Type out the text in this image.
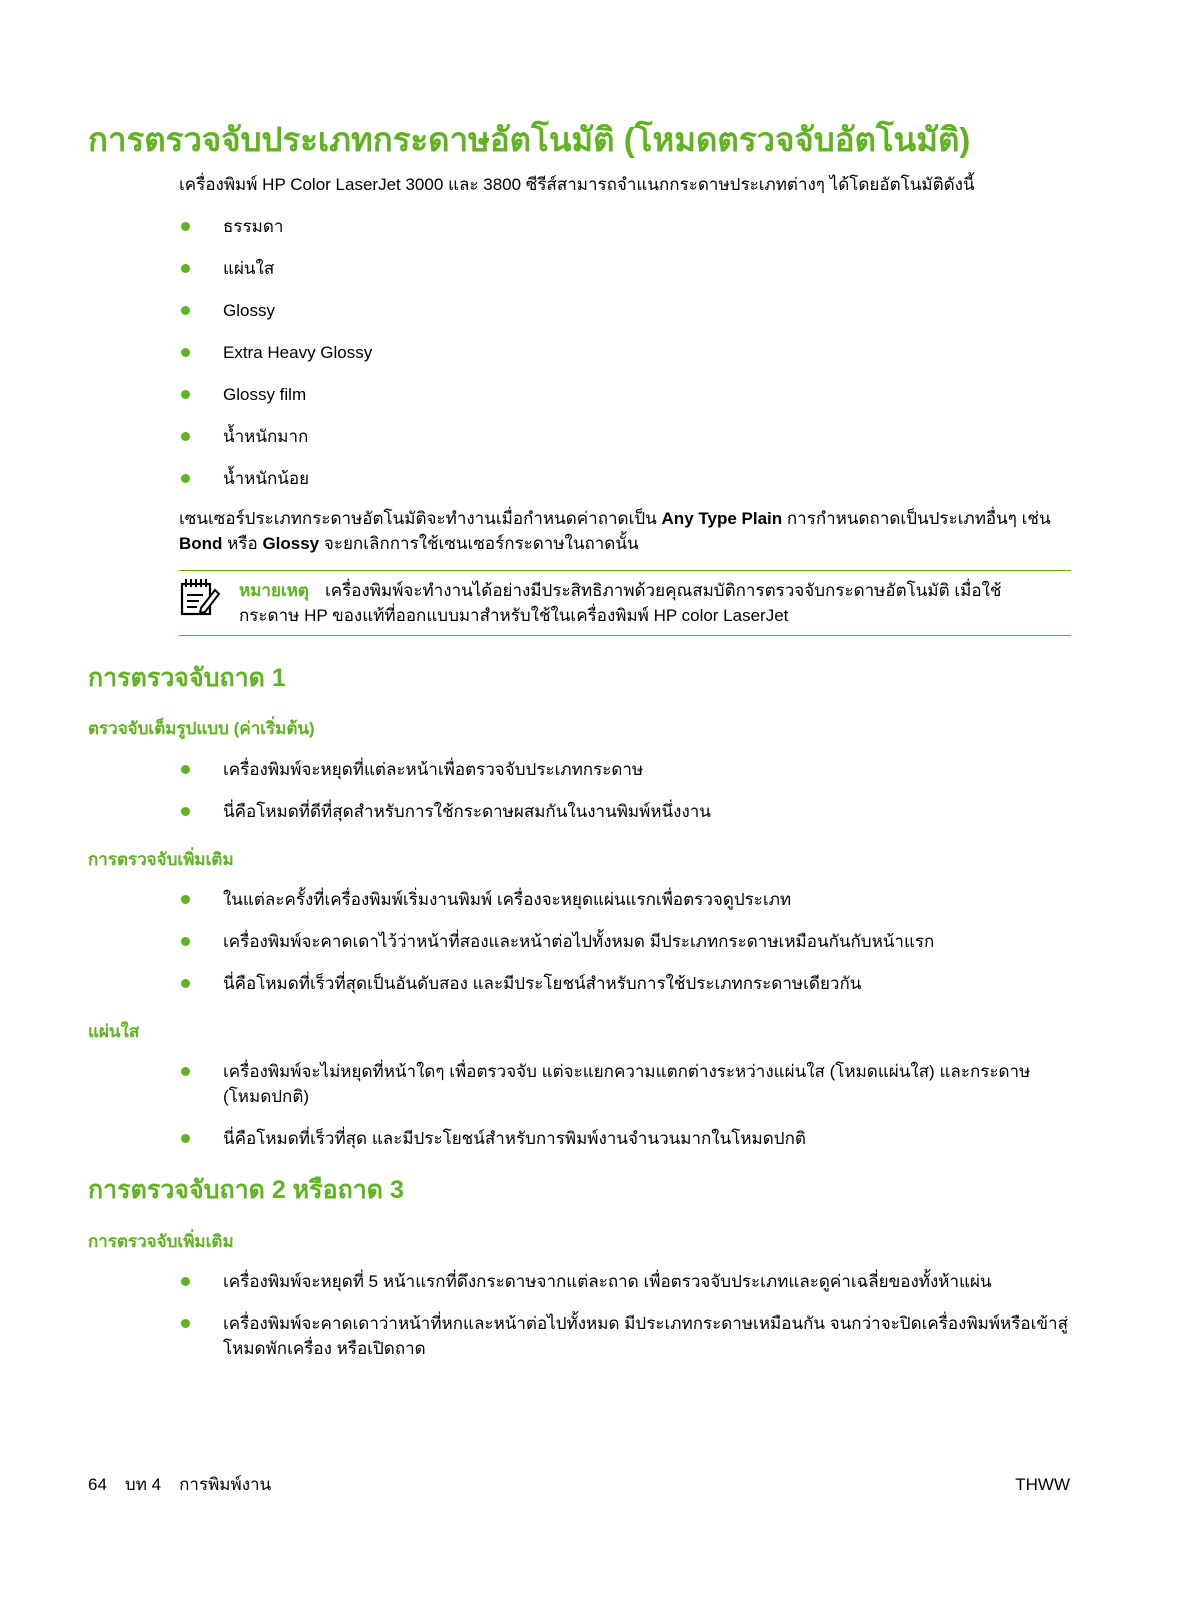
การตรวจจับประเภทกระดาษอัตโนมัติ (โหมดตรวจจับอัตโนมัติ)
เครื่องพิมพ์ HP Color LaserJet 3000 และ 3800 ซีรีส์สามารถจำแนกกระดาษประเภทต่างๆ ได้โดยอัตโนมัติดังนี้
ธรรมดา
แผ่นใส
Glossy
Extra Heavy Glossy
Glossy film
น้ำหนักมาก
น้ำหนักน้อย
เซนเซอร์ประเภทกระดาษอัตโนมัติจะทำงานเมื่อกำหนดค่าถาดเป็น Any Type Plain การกำหนดถาดเป็นประเภทอื่นๆ เช่น Bond หรือ Glossy จะยกเลิกการใช้เซนเซอร์กระดาษในถาดนั้น
หมายเหตุ เครื่องพิมพ์จะทำงานได้อย่างมีประสิทธิภาพด้วยคุณสมบัติการตรวจจับกระดาษอัตโนมัติ เมื่อใช้กระดาษ HP ของแท้ที่ออกแบบมาสำหรับใช้ในเครื่องพิมพ์ HP color LaserJet
การตรวจจับถาด 1
ตรวจจับเต็มรูปแบบ (ค่าเริ่มต้น)
เครื่องพิมพ์จะหยุดที่แต่ละหน้าเพื่อตรวจจับประเภทกระดาษ
นี่คือโหมดที่ดีที่สุดสำหรับการใช้กระดาษผสมกันในงานพิมพ์หนึ่งงาน
การตรวจจับเพิ่มเติม
ในแต่ละครั้งที่เครื่องพิมพ์เริ่มงานพิมพ์ เครื่องจะหยุดแผ่นแรกเพื่อตรวจดูประเภท
เครื่องพิมพ์จะคาดเดาไว้ว่าหน้าที่สองและหน้าต่อไปทั้งหมด มีประเภทกระดาษเหมือนกันกับหน้าแรก
นี่คือโหมดที่เร็วที่สุดเป็นอันดับสอง และมีประโยชน์สำหรับการใช้ประเภทกระดาษเดียวกัน
แผ่นใส
เครื่องพิมพ์จะไม่หยุดที่หน้าใดๆ เพื่อตรวจจับ แต่จะแยกความแตกต่างระหว่างแผ่นใส (โหมดแผ่นใส) และกระดาษ (โหมดปกติ)
นี่คือโหมดที่เร็วที่สุด และมีประโยชน์สำหรับการพิมพ์งานจำนวนมากในโหมดปกติ
การตรวจจับถาด 2 หรือถาด 3
การตรวจจับเพิ่มเติม
เครื่องพิมพ์จะหยุดที่ 5 หน้าแรกที่ดึงกระดาษจากแต่ละถาด เพื่อตรวจจับประเภทและดูค่าเฉลี่ยของทั้งห้าแผ่น
เครื่องพิมพ์จะคาดเดาว่าหน้าที่หกและหน้าต่อไปทั้งหมด มีประเภทกระดาษเหมือนกัน จนกว่าจะปิดเครื่องพิมพ์หรือเข้าสู่โหมดพักเครื่อง หรือเปิดถาด
64 บท 4 การพิมพ์งาน	THWW
